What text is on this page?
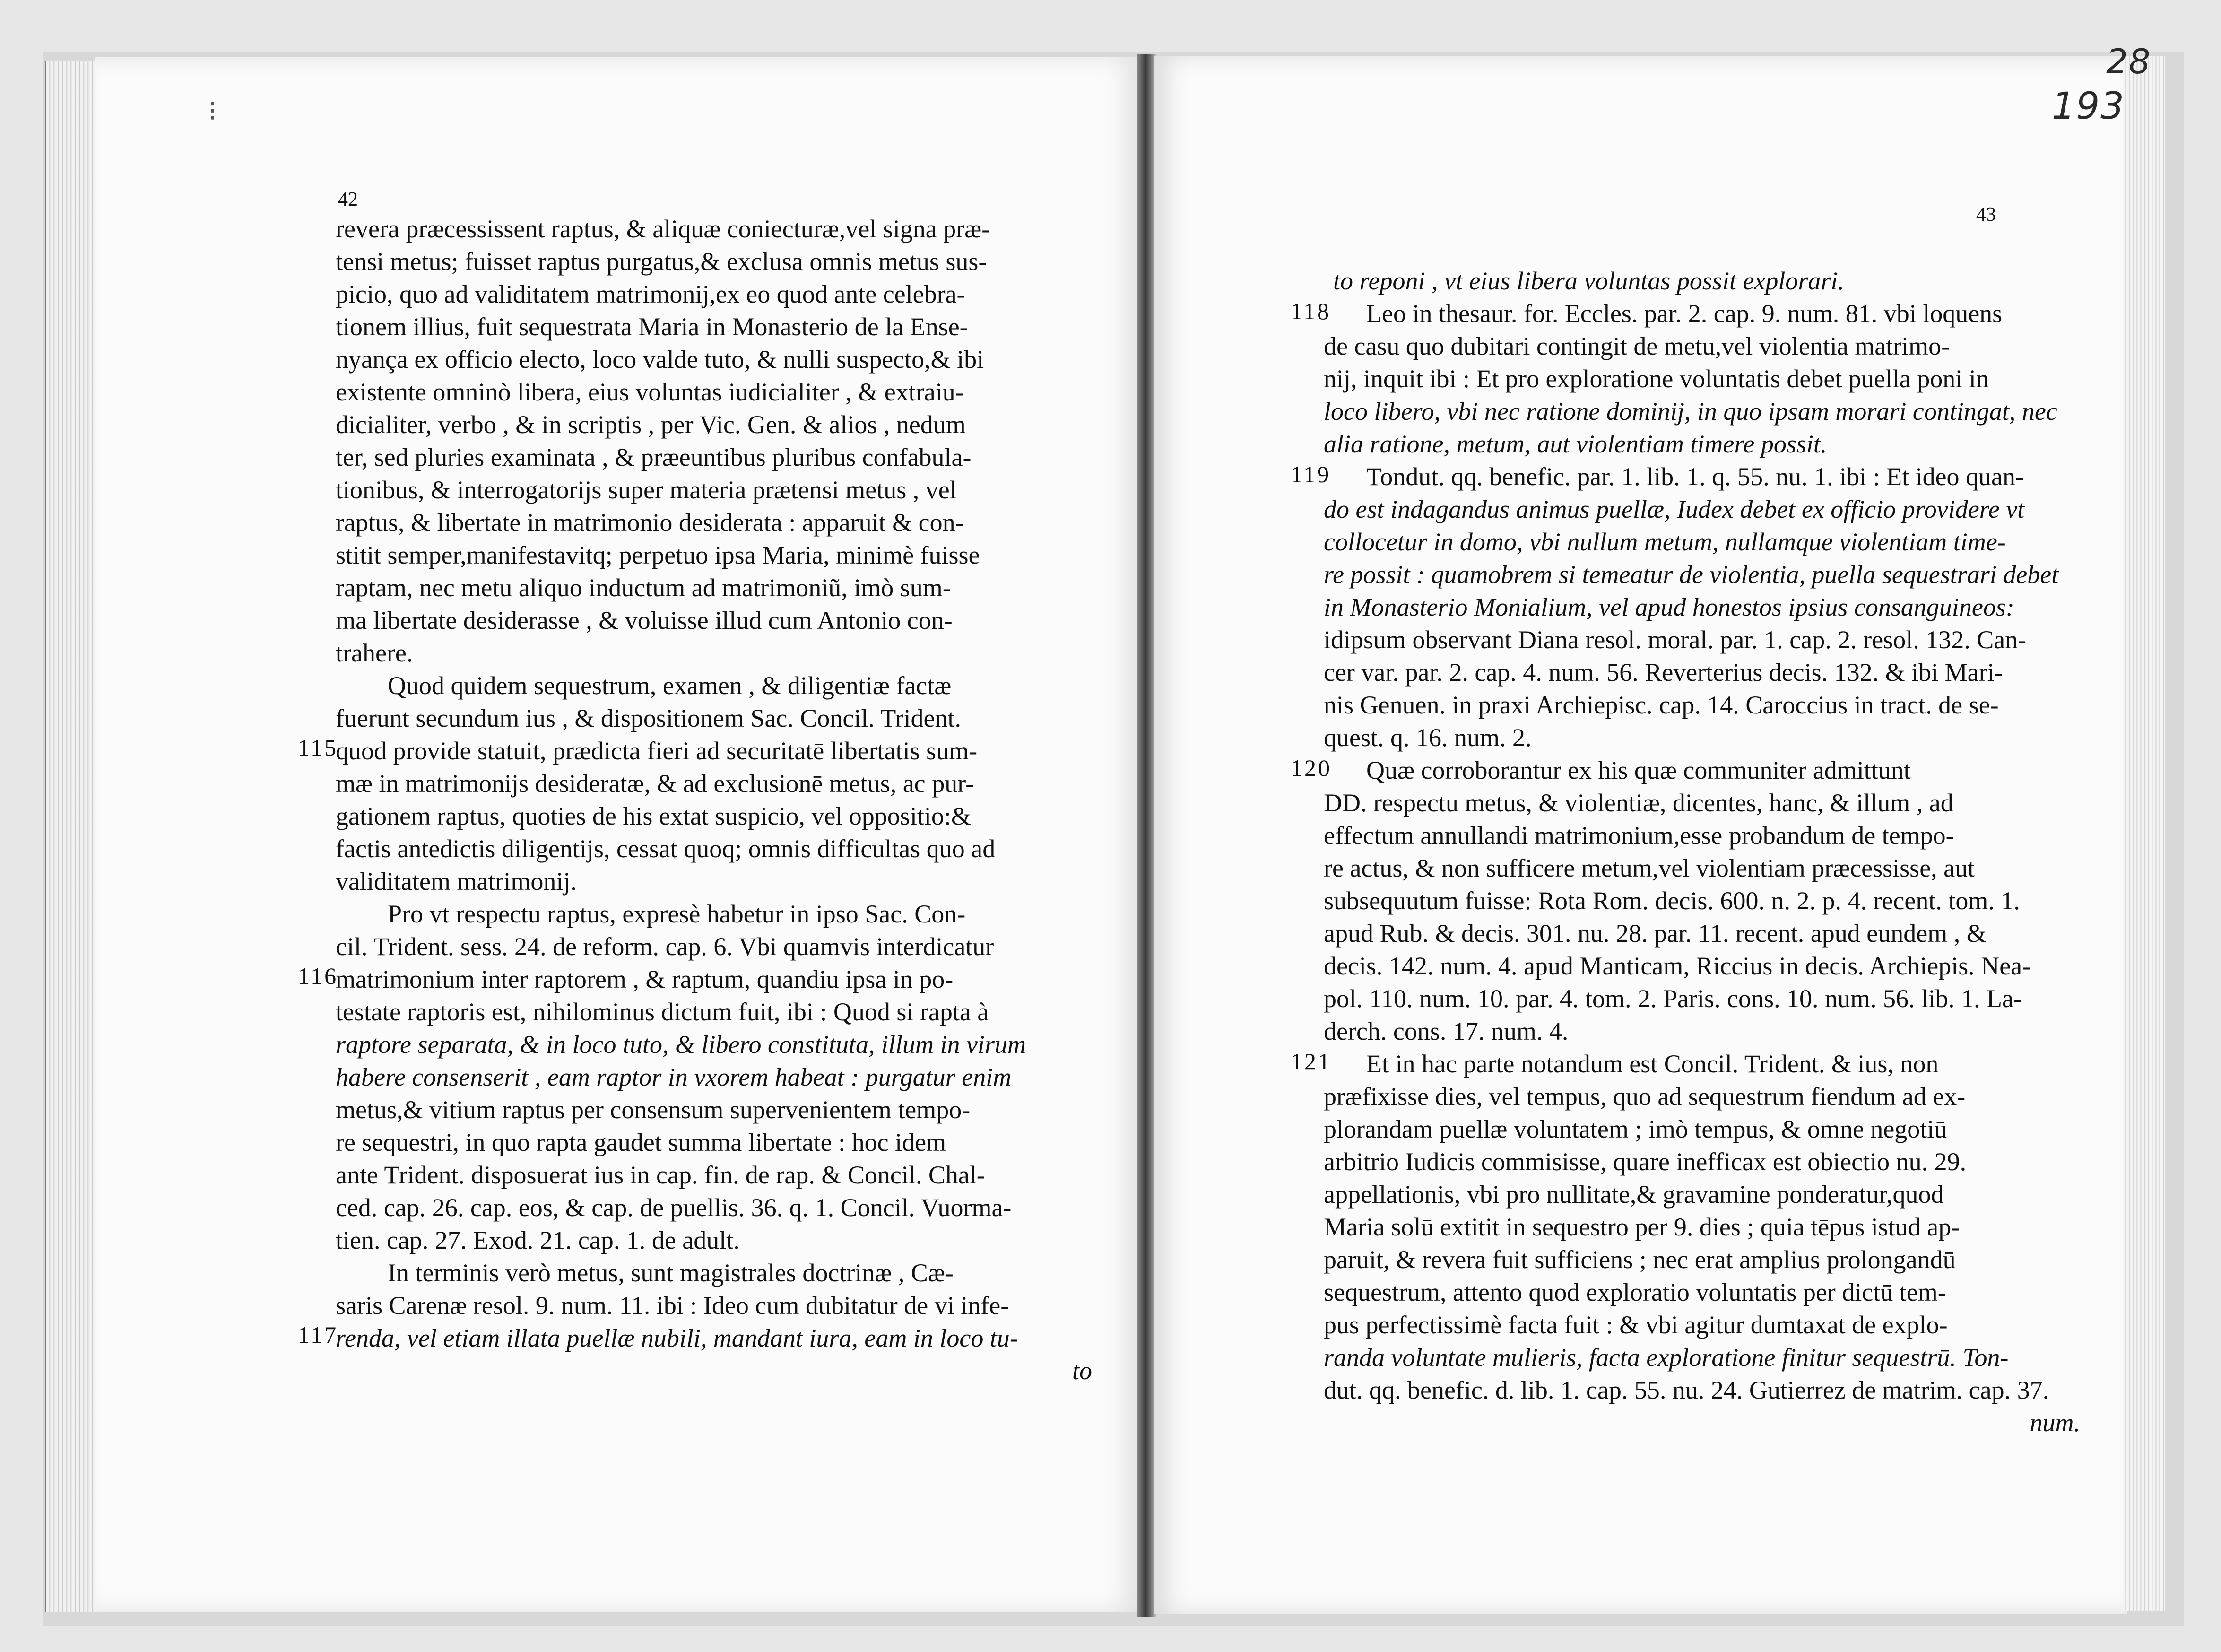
⁝
42
revera præcessissent raptus, & aliquæ coniecturæ,vel signa præ-
tensi metus; fuisset raptus purgatus,& exclusa omnis metus sus-
picio, quo ad validitatem matrimonij,ex eo quod ante celebra-
tionem illius, fuit sequestrata Maria in Monasterio de la Ense-
nyança ex officio electo, loco valde tuto, & nulli suspecto,& ibi
existente omninò libera, eius voluntas iudicialiter , & extraiu-
dicialiter, verbo , & in scriptis , per Vic. Gen. & alios , nedum
ter, sed pluries examinata , & præeuntibus pluribus confabula-
tionibus, & interrogatorijs super materia prætensi metus , vel
raptus, & libertate in matrimonio desiderata : apparuit & con-
stitit semper,manifestavitq; perpetuo ipsa Maria, minimè fuisse
raptam, nec metu aliquo inductum ad matrimoniũ, imò sum-
ma libertate desiderasse , & voluisse illud cum Antonio con-
trahere.
Quod quidem sequestrum, examen , & diligentiæ factæ
fuerunt secundum ius , & dispositionem Sac. Concil. Trident.
quod provide statuit, prædicta fieri ad securitatē libertatis sum-
mæ in matrimonijs desideratæ, & ad exclusionē metus, ac pur-
gationem raptus, quoties de his extat suspicio, vel oppositio:&
factis antedictis diligentijs, cessat quoq; omnis difficultas quo ad
validitatem matrimonij.
Pro vt respectu raptus, expresè habetur in ipso Sac. Con-
cil. Trident. sess. 24. de reform. cap. 6. Vbi quamvis interdicatur
matrimonium inter raptorem , & raptum, quandiu ipsa in po-
testate raptoris est, nihilominus dictum fuit, ibi : Quod si rapta à
raptore separata, & in loco tuto, & libero constituta, illum in virum
habere consenserit , eam raptor in vxorem habeat : purgatur enim
metus,& vitium raptus per consensum supervenientem tempo-
re sequestri, in quo rapta gaudet summa libertate : hoc idem
ante Trident. disposuerat ius in cap. fin. de rap. & Concil. Chal-
ced. cap. 26. cap. eos, & cap. de puellis. 36. q. 1. Concil. Vuorma-
tien. cap. 27. Exod. 21. cap. 1. de adult.
In terminis verò metus, sunt magistrales doctrinæ , Cæ-
saris Carenæ resol. 9. num. 11. ibi : Ideo cum dubitatur de vi infe-
renda, vel etiam illata puellæ nubili, mandant iura, eam in loco tu-
to
115
116
117
43
to reponi , vt eius libera voluntas possit explorari.
Leo in thesaur. for. Eccles. par. 2. cap. 9. num. 81. vbi loquens
de casu quo dubitari contingit de metu,vel violentia matrimo-
nij, inquit ibi : Et pro exploratione voluntatis debet puella poni in
loco libero, vbi nec ratione dominij, in quo ipsam morari contingat, nec
alia ratione, metum, aut violentiam timere possit.
Tondut. qq. benefic. par. 1. lib. 1. q. 55. nu. 1. ibi : Et ideo quan-
do est indagandus animus puellæ, Iudex debet ex officio providere vt
collocetur in domo, vbi nullum metum, nullamque violentiam time-
re possit : quamobrem si temeatur de violentia, puella sequestrari debet
in Monasterio Monialium, vel apud honestos ipsius consanguineos:
idipsum observant Diana resol. moral. par. 1. cap. 2. resol. 132. Can-
cer var. par. 2. cap. 4. num. 56. Reverterius decis. 132. & ibi Mari-
nis Genuen. in praxi Archiepisc. cap. 14. Caroccius in tract. de se-
quest. q. 16. num. 2.
Quæ corroborantur ex his quæ communiter admittunt
DD. respectu metus, & violentiæ, dicentes, hanc, & illum , ad
effectum annullandi matrimonium,esse probandum de tempo-
re actus, & non sufficere metum,vel violentiam præcessisse, aut
subsequutum fuisse: Rota Rom. decis. 600. n. 2. p. 4. recent. tom. 1.
apud Rub. & decis. 301. nu. 28. par. 11. recent. apud eundem , &
decis. 142. num. 4. apud Manticam, Riccius in decis. Archiepis. Nea-
pol. 110. num. 10. par. 4. tom. 2. Paris. cons. 10. num. 56. lib. 1. La-
derch. cons. 17. num. 4.
Et in hac parte notandum est Concil. Trident. & ius, non
præfixisse dies, vel tempus, quo ad sequestrum fiendum ad ex-
plorandam puellæ voluntatem ; imò tempus, & omne negotiū
arbitrio Iudicis commisisse, quare inefficax est obiectio nu. 29.
appellationis, vbi pro nullitate,& gravamine ponderatur,quod
Maria solū extitit in sequestro per 9. dies ; quia tēpus istud ap-
paruit, & revera fuit sufficiens ; nec erat amplius prolongandū
sequestrum, attento quod exploratio voluntatis per dictū tem-
pus perfectissimè facta fuit : & vbi agitur dumtaxat de explo-
randa voluntate mulieris, facta exploratione finitur sequestrū. Ton-
dut. qq. benefic. d. lib. 1. cap. 55. nu. 24. Gutierrez de matrim. cap. 37.
num.
118
119
120
121
28
193
